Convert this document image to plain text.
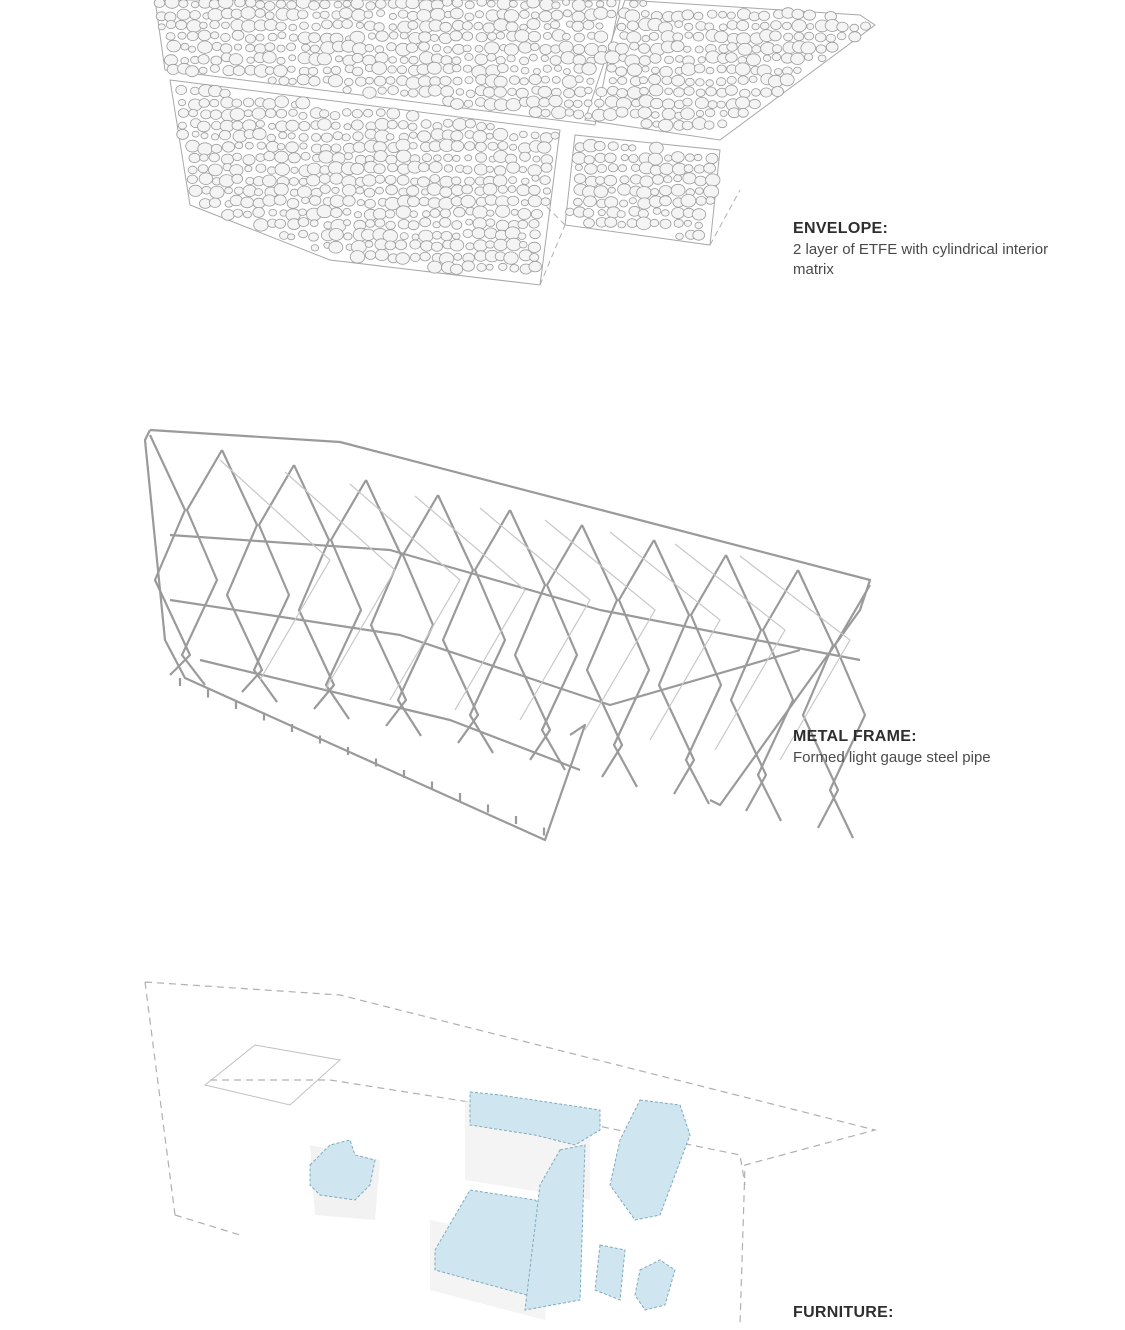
ENVELOPE:
2 layer of ETFE with cylindrical interior matrix
METAL FRAME:
Formed light gauge steel pipe
FURNITURE:
